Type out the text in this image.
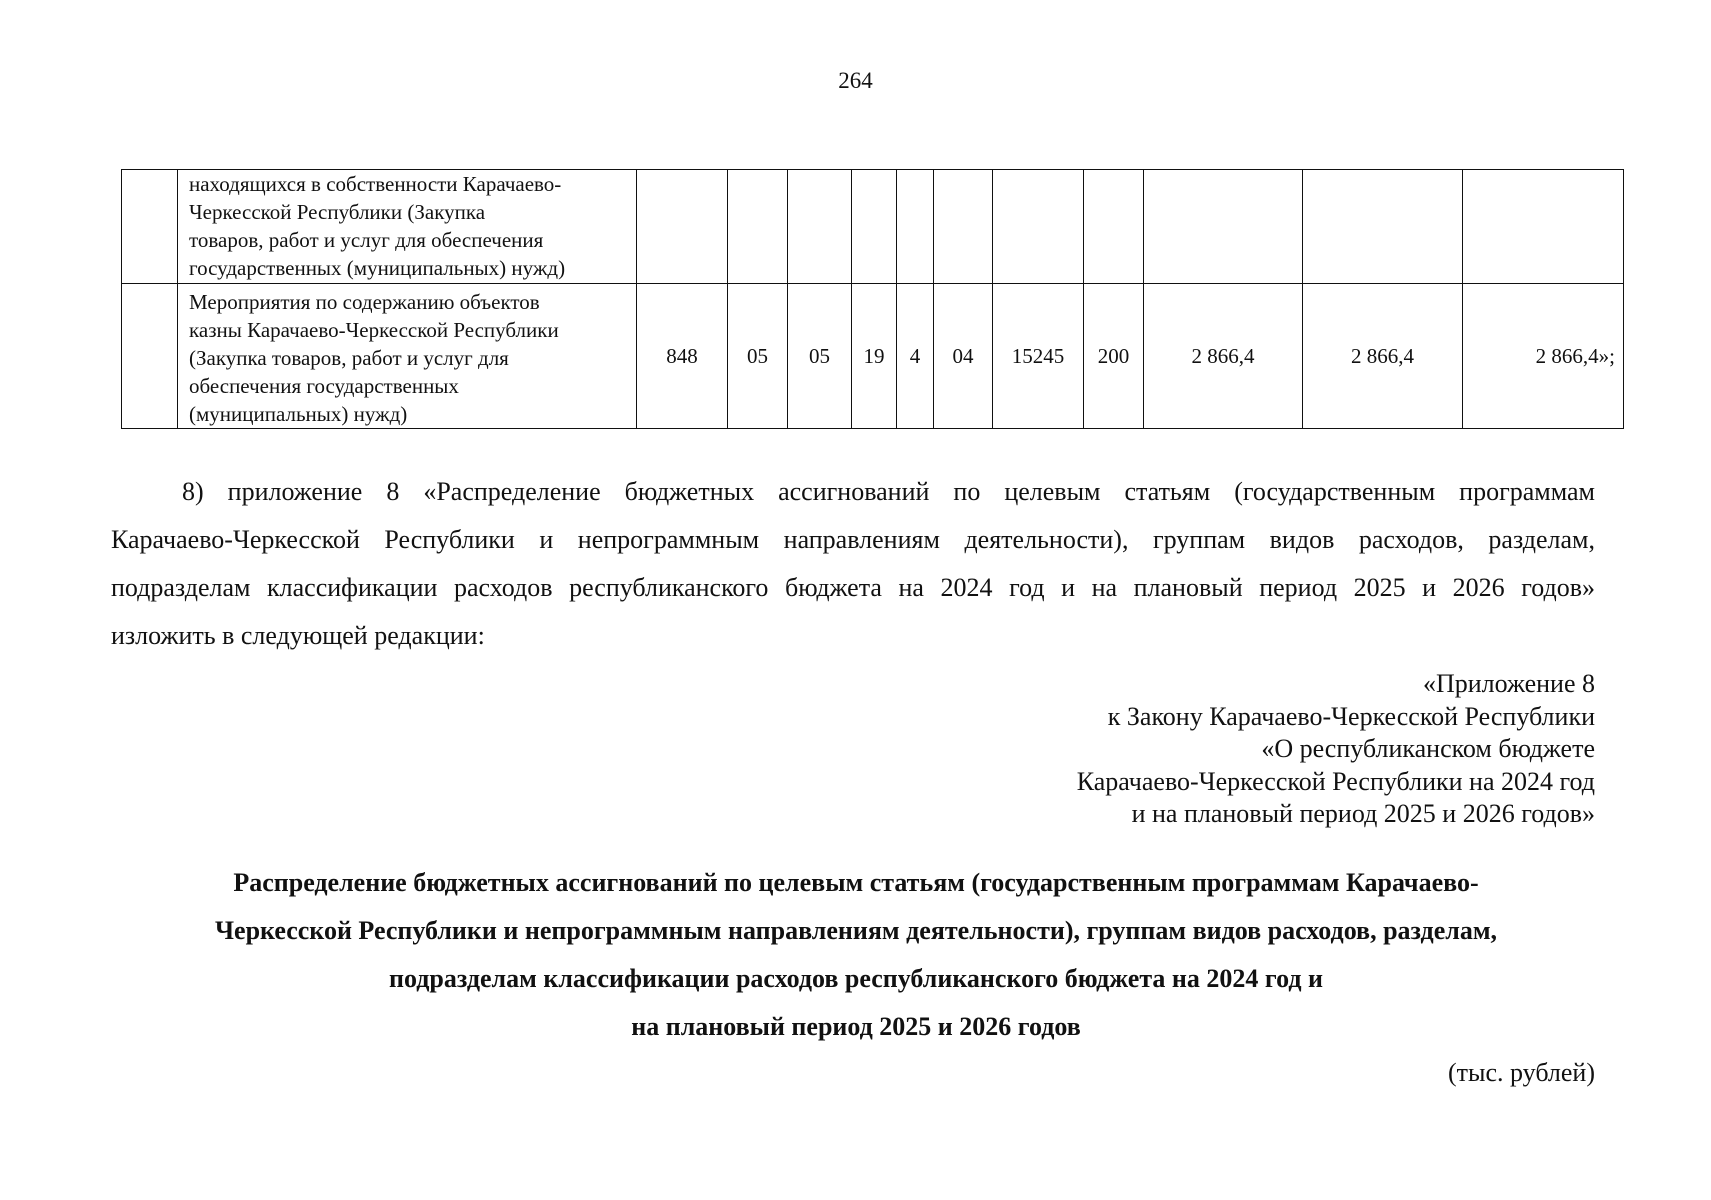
264

	находящихся в собственности Карачаево-
Черкесской Республики (Закупка
товаров, работ и услуг для обеспечения
государственных (муниципальных) нужд)											

	Мероприятия по содержанию объектов
казны Карачаево-Черкесской Республики
(Закупка товаров, работ и услуг для
обеспечения государственных
(муниципальных) нужд)	848	05	05	19	4	04	15245	200	2 866,4	2 866,4	2 866,4»;
8) приложение 8 «Распределение бюджетных ассигнований по целевым статьям (государственным программам
Карачаево-Черкесской Республики и непрограммным направлениям деятельности), группам видов расходов, разделам,
подразделам классификации расходов республиканского бюджета на 2024 год и на плановый период 2025 и 2026 годов»
изложить в следующей редакции:
«Приложение 8
к Закону Карачаево-Черкесской Республики
«О республиканском бюджете
Карачаево-Черкесской Республики на 2024 год
и на плановый период 2025 и 2026 годов»
Распределение бюджетных ассигнований по целевым статьям (государственным программам Карачаево-
Черкесской Республики и непрограммным направлениям деятельности), группам видов расходов, разделам,
подразделам классификации расходов республиканского бюджета на 2024 год и
на плановый период 2025 и 2026 годов
(тыс. рублей)
